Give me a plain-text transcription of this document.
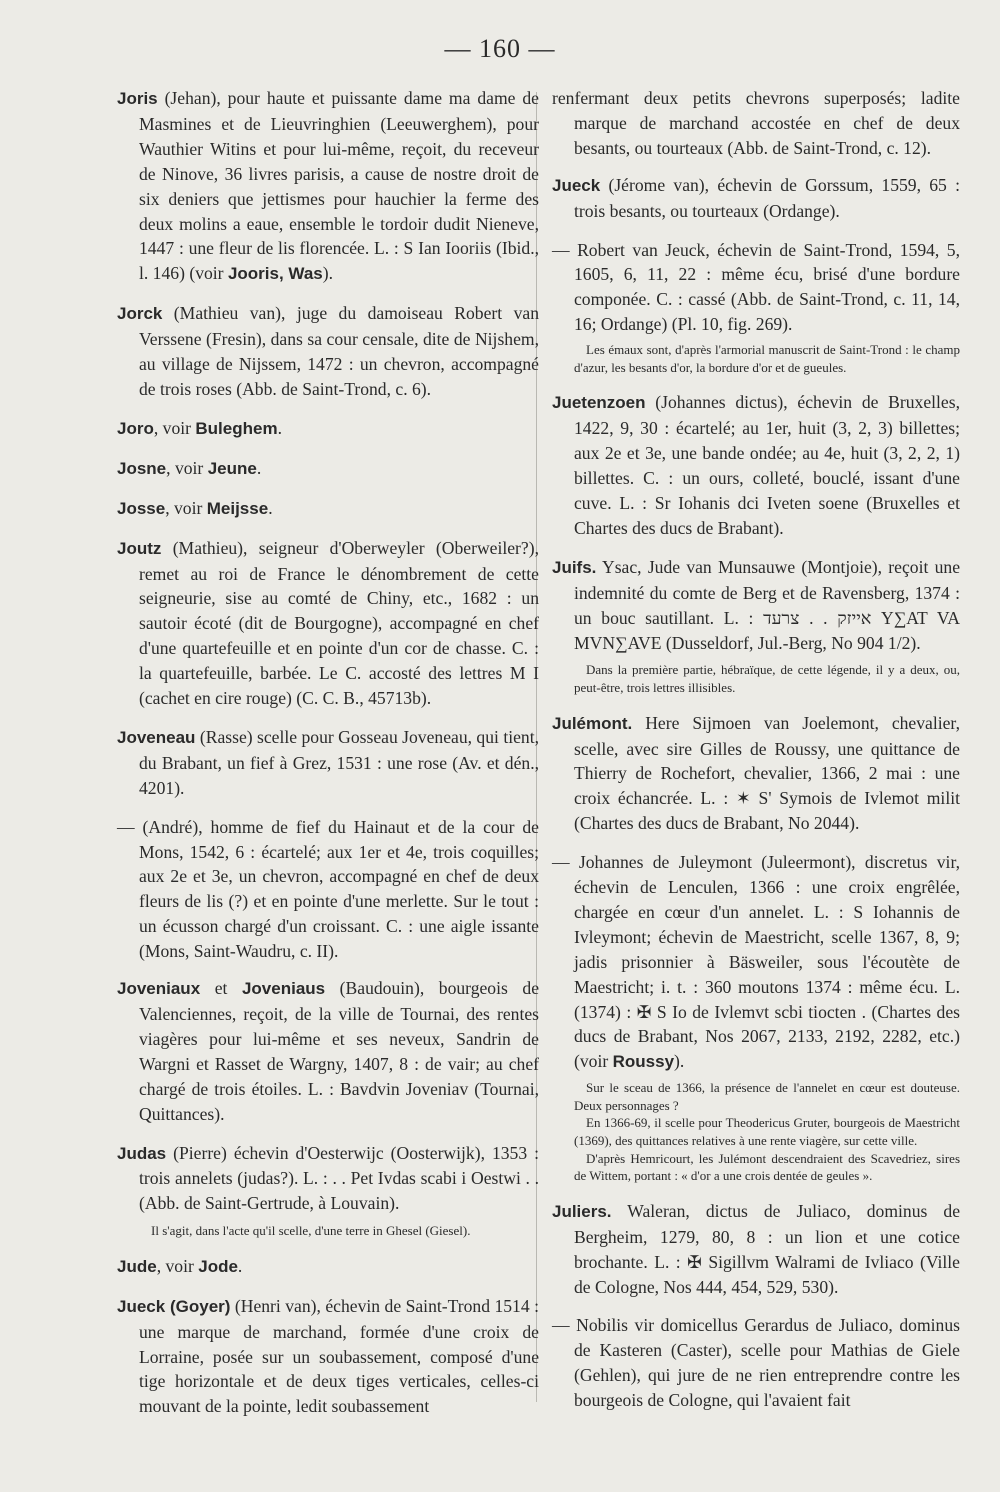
— 160 —
Joris (Jehan), pour haute et puissante dame ma dame de Masmines et de Lieuvringhien (Leeuwerghem), pour Wauthier Witins et pour lui-même, reçoit, du receveur de Ninove, 36 livres parisis, a cause de nostre droit de six deniers que jettismes pour hauchier la ferme des deux molins a eaue, ensemble le tordoir dudit Nieneve, 1447 : une fleur de lis florencée. L. : S Ian Iooriis (Ibid., l. 146) (voir Jooris, Was).
Jorck (Mathieu van), juge du damoiseau Robert van Verssene (Fresin), dans sa cour censale, dite de Nijshem, au village de Nijssem, 1472 : un chevron, accompagné de trois roses (Abb. de Saint-Trond, c. 6).
Joro, voir Buleghem.
Josne, voir Jeune.
Josse, voir Meijsse.
Joutz (Mathieu), seigneur d'Oberweyler (Oberweiler?), remet au roi de France le dénombrement de cette seigneurie, sise au comté de Chiny, etc., 1682 : un sautoir écoté (dit de Bourgogne), accompagné en chef d'une quartefeuille et en pointe d'un cor de chasse. C. : la quartefeuille, barbée. Le C. accosté des lettres M I (cachet en cire rouge) (C. C. B., 45713b).
Joveneau (Rasse) scelle pour Gosseau Joveneau, qui tient, du Brabant, un fief à Grez, 1531 : une rose (Av. et dén., 4201).
— (André), homme de fief du Hainaut et de la cour de Mons, 1542, 6 : écartelé; aux 1er et 4e, trois coquilles; aux 2e et 3e, un chevron, accompagné en chef de deux fleurs de lis (?) et en pointe d'une merlette. Sur le tout : un écusson chargé d'un croissant. C. : une aigle issante (Mons, Saint-Waudru, c. II).
Joveniaux et Joveniaus (Baudouin), bourgeois de Valenciennes, reçoit, de la ville de Tournai, des rentes viagères pour lui-même et ses neveux, Sandrin de Wargni et Rasset de Wargny, 1407, 8 : de vair; au chef chargé de trois étoiles. L. : Bavdvin Joveniav (Tournai, Quittances).
Judas (Pierre) échevin d'Oesterwijc (Oosterwijk), 1353 : trois annelets (judas?). L. : . . Pet Ivdas scabi i Oestwi . . (Abb. de Saint-Gertrude, à Louvain).

Il s'agit, dans l'acte qu'il scelle, d'une terre in Ghesel (Giesel).

Jude, voir Jode.
Jueck (Goyer) (Henri van), échevin de Saint-Trond 1514 : une marque de marchand, formée d'une croix de Lorraine, posée sur un soubassement, composé d'une tige horizontale et de deux tiges verticales, celles-ci mouvant de la pointe, ledit soubassement
renfermant deux petits chevrons superposés; ladite marque de marchand accostée en chef de deux besants, ou tourteaux (Abb. de Saint-Trond, c. 12).
Jueck (Jérome van), échevin de Gorssum, 1559, 65 : trois besants, ou tourteaux (Ordange).
— Robert van Jeuck, échevin de Saint-Trond, 1594, 5, 1605, 6, 11, 22 : même écu, brisé d'une bordure componée. C. : cassé (Abb. de Saint-Trond, c. 11, 14, 16; Ordange) (Pl. 10, fig. 269).

Les émaux sont, d'après l'armorial manuscrit de Saint-Trond : le champ d'azur, les besants d'or, la bordure d'or et de gueules.

Juetenzoen (Johannes dictus), échevin de Bruxelles, 1422, 9, 30 : écartelé; au 1er, huit (3, 2, 3) billettes; aux 2e et 3e, une bande ondée; au 4e, huit (3, 2, 2, 1) billettes. C. : un ours, colleté, bouclé, issant d'une cuve. L. : Sr Iohanis dci Iveten soene (Bruxelles et Chartes des ducs de Brabant).
Juifs. Ysac, Jude van Munsauwe (Montjoie), reçoit une indemnité du comte de Berg et de Ravensberg, 1374 : un bouc sautillant. L. : אייזק . . צרעד Y∑AT VA MVN∑AVE (Dusseldorf, Jul.-Berg, No 904 1/2).

Dans la première partie, hébraïque, de cette légende, il y a deux, ou, peut-être, trois lettres illisibles.

Julémont. Here Sijmoen van Joelemont, chevalier, scelle, avec sire Gilles de Roussy, une quittance de Thierry de Rochefort, chevalier, 1366, 2 mai : une croix échancrée. L. : ✶ S' Symois de Ivlemot milit (Chartes des ducs de Brabant, No 2044).
— Johannes de Juleymont (Juleermont), discretus vir, échevin de Lenculen, 1366 : une croix engrêlée, chargée en cœur d'un annelet. L. : S Iohannis de Ivleymont; échevin de Maestricht, scelle 1367, 8, 9; jadis prisonnier à Bäsweiler, sous l'écoutète de Maestricht; i. t. : 360 moutons 1374 : même écu. L. (1374) : ✠ S Io de Ivlemvt scbi tiocten . (Chartes des ducs de Brabant, Nos 2067, 2133, 2192, 2282, etc.) (voir Roussy).

Sur le sceau de 1366, la présence de l'annelet en cœur est douteuse. Deux personnages ?

En 1366-69, il scelle pour Theodericus Gruter, bourgeois de Maestricht (1369), des quittances relatives à une rente viagère, sur cette ville.

D'après Hemricourt, les Julémont descendraient des Scavedriez, sires de Wittem, portant : « d'or a une crois dentée de geules ».

Juliers. Waleran, dictus de Juliaco, dominus de Bergheim, 1279, 80, 8 : un lion et une cotice brochante. L. : ✠ Sigillvm Walrami de Ivliaco (Ville de Cologne, Nos 444, 454, 529, 530).
— Nobilis vir domicellus Gerardus de Juliaco, dominus de Kasteren (Caster), scelle pour Mathias de Giele (Gehlen), qui jure de ne rien entreprendre contre les bourgeois de Cologne, qui l'avaient fait
